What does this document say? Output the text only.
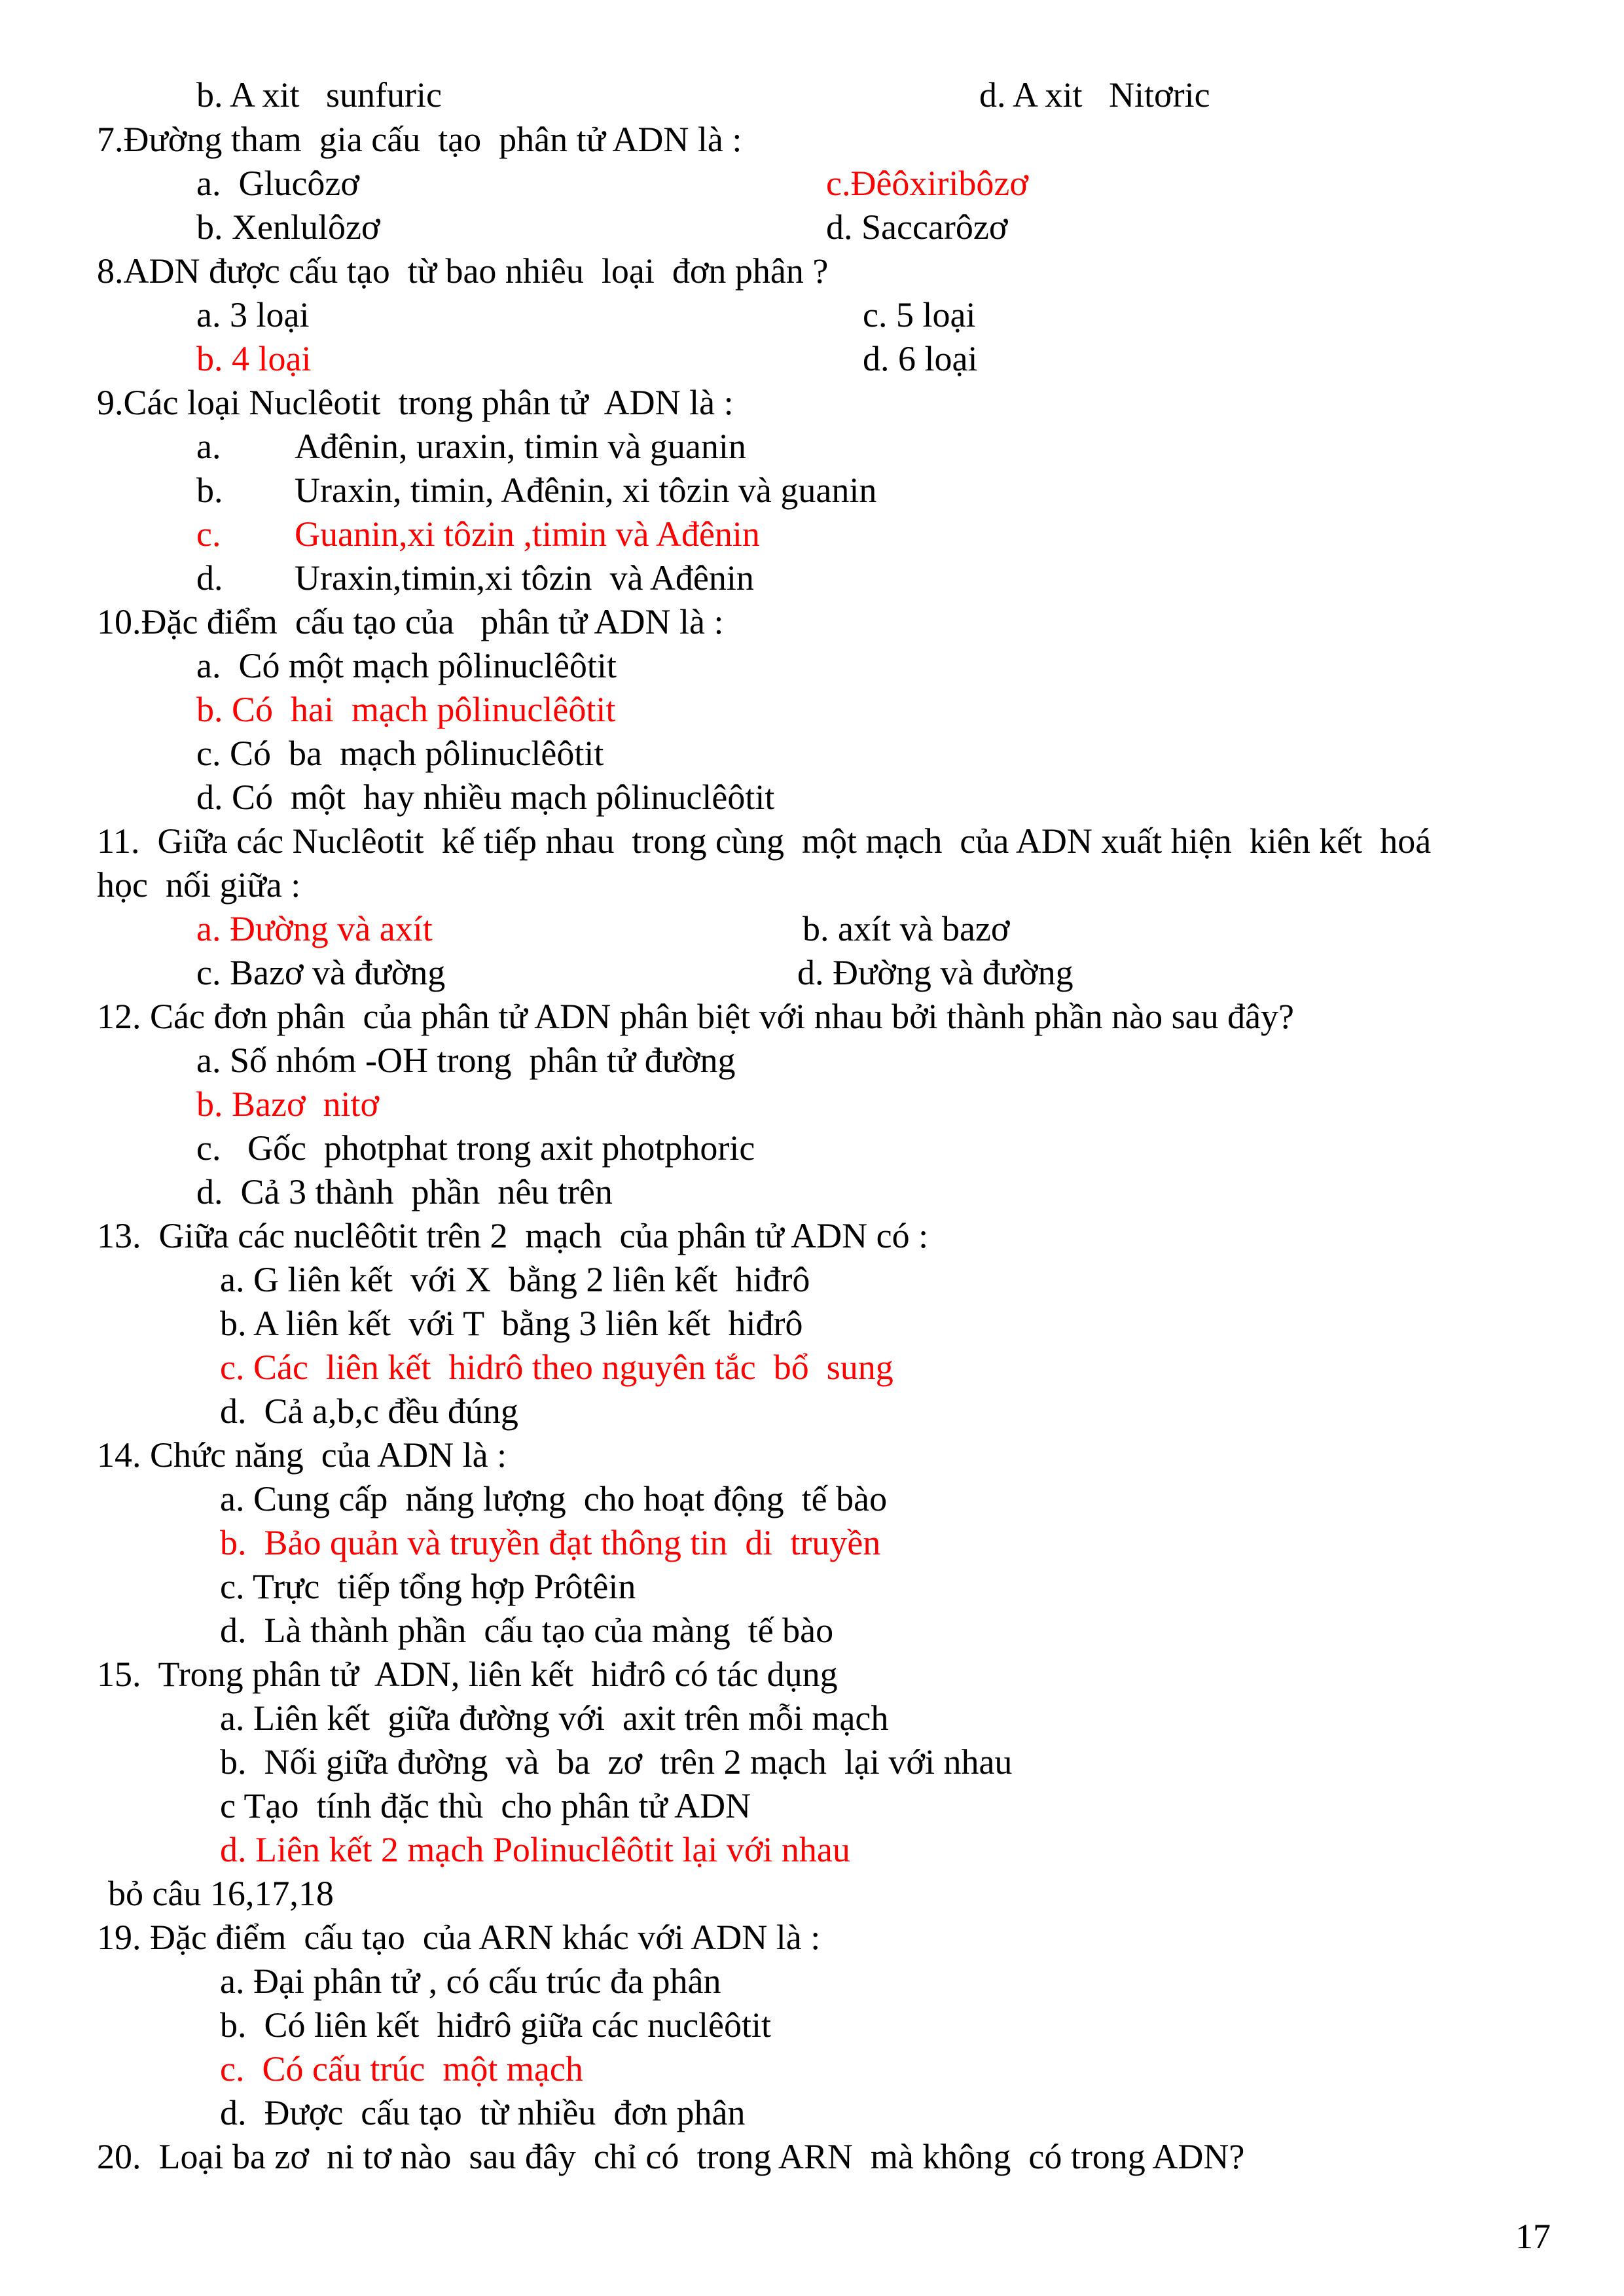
b. A xit   sunfuric	d. A xit   Nitơric
7.Đường tham  gia cấu  tạo  phân tử ADN là :
a.  Glucôzơ	c.Đêôxiribôzơ
b. Xenlulôzơ	d. Saccarôzơ
8.ADN được cấu tạo  từ bao nhiêu  loại  đơn phân ?
a. 3 loại	c. 5 loại
b. 4 loại	d. 6 loại
9.Các loại Nuclêotit  trong phân tử  ADN là :
a. Ađênin, uraxin, timin và guanin
b. Uraxin, timin, Ađênin, xi tôzin và guanin
c. Guanin,xi tôzin ,timin và Ađênin
d. Uraxin,timin,xi tôzin  và Ađênin
10.Đặc điểm  cấu tạo của   phân tử ADN là :
a.  Có một mạch pôlinuclêôtit
b. Có  hai  mạch pôlinuclêôtit
c. Có  ba  mạch pôlinuclêôtit
d. Có  một  hay nhiều mạch pôlinuclêôtit
11.  Giữa các Nuclêotit  kế tiếp nhau  trong cùng  một mạch  của ADN xuất hiện  kiên kết  hoá
học  nối giữa :
a. Đường và axít	b. axít và bazơ
c. Bazơ và đường	d. Đường và đường
12. Các đơn phân  của phân tử ADN phân biệt với nhau bởi thành phần nào sau đây?
a. Số nhóm -OH trong  phân tử đường
b. Bazơ  nitơ
c.   Gốc  photphat trong axit photphoric
d.  Cả 3 thành  phần  nêu trên
13.  Giữa các nuclêôtit trên 2  mạch  của phân tử ADN có :
a. G liên kết  với X  bằng 2 liên kết  hiđrô
b. A liên kết  với T  bằng 3 liên kết  hiđrô
c. Các  liên kết  hidrô theo nguyên tắc  bổ  sung
d.  Cả a,b,c đều đúng
14. Chức năng  của ADN là :
a. Cung cấp  năng lượng  cho hoạt động  tế bào
b.  Bảo quản và truyền đạt thông tin  di  truyền
c. Trực  tiếp tổng hợp Prôtêin
d.  Là thành phần  cấu tạo của màng  tế bào
15.  Trong phân tử  ADN, liên kết  hiđrô có tác dụng
a. Liên kết  giữa đường với  axit trên mỗi mạch
b.  Nối giữa đường  và  ba  zơ  trên 2 mạch  lại với nhau
c Tạo  tính đặc thù  cho phân tử ADN
d. Liên kết 2 mạch Polinuclêôtit lại với nhau
bỏ câu 16,17,18
19. Đặc điểm  cấu tạo  của ARN khác với ADN là :
a. Đại phân tử , có cấu trúc đa phân
b.  Có liên kết  hiđrô giữa các nuclêôtit
c.  Có cấu trúc  một mạch
d.  Được  cấu tạo  từ nhiều  đơn phân
20.  Loại ba zơ  ni tơ nào  sau đây  chỉ có  trong ARN  mà không  có trong ADN?
17
